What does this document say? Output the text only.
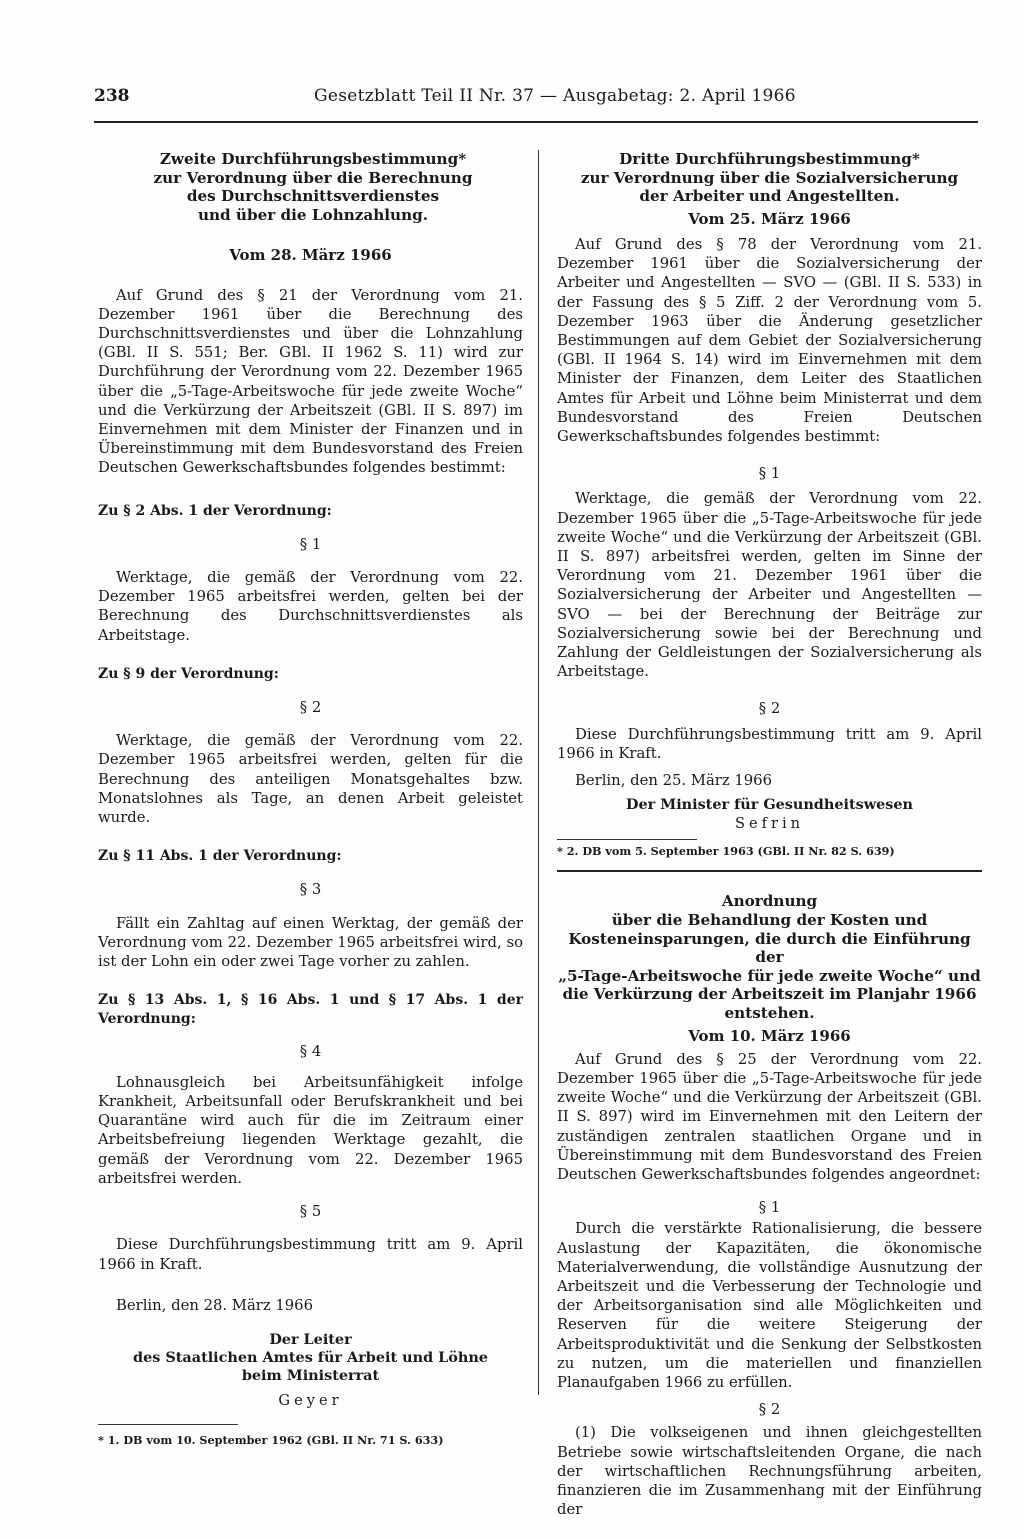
238	Gesetzblatt Teil II Nr. 37 — Ausgabetag: 2. April 1966

Zweite Durchführungsbestimmung*

zur Verordnung über die Berechnung

des Durchschnittsverdienstes

und über die Lohnzahlung.

Vom 28. März 1966

Auf Grund des § 21 der Verordnung vom 21. Dezember 1961 über die Berechnung des Durchschnittsverdienstes und über die Lohnzahlung (GBl. II S. 551; Ber. GBl. II 1962 S. 11) wird zur Durchführung der Verordnung vom 22. Dezember 1965 über die „5-Tage-Arbeitswoche für jede zweite Woche“ und die Verkürzung der Arbeitszeit (GBl. II S. 897) im Einvernehmen mit dem Minister der Finanzen und in Übereinstimmung mit dem Bundesvorstand des Freien Deutschen Gewerkschaftsbundes folgendes bestimmt:

Zu § 2 Abs. 1 der Verordnung:

§ 1

Werktage, die gemäß der Verordnung vom 22. Dezember 1965 arbeitsfrei werden, gelten bei der Berechnung des Durchschnittsverdienstes als Arbeitstage.

Zu § 9 der Verordnung:

§ 2

Werktage, die gemäß der Verordnung vom 22. Dezember 1965 arbeitsfrei werden, gelten für die Berechnung des anteiligen Monatsgehaltes bzw. Monatslohnes als Tage, an denen Arbeit geleistet wurde.

Zu § 11 Abs. 1 der Verordnung:

§ 3

Fällt ein Zahltag auf einen Werktag, der gemäß der Verordnung vom 22. Dezember 1965 arbeitsfrei wird, so ist der Lohn ein oder zwei Tage vorher zu zahlen.

Zu § 13 Abs. 1, § 16 Abs. 1 und § 17 Abs. 1 der Verordnung:

§ 4

Lohnausgleich bei Arbeitsunfähigkeit infolge Krankheit, Arbeitsunfall oder Berufskrankheit und bei Quarantäne wird auch für die im Zeitraum einer Arbeitsbefreiung liegenden Werktage gezahlt, die gemäß der Verordnung vom 22. Dezember 1965 arbeitsfrei werden.

§ 5

Diese Durchführungsbestimmung tritt am 9. April 1966 in Kraft.

Berlin, den 28. März 1966

Der Leiter

des Staatlichen Amtes für Arbeit und Löhne

beim Ministerrat

Geyer

* 1. DB vom 10. September 1962 (GBl. II Nr. 71 S. 633)

Dritte Durchführungsbestimmung*

zur Verordnung über die Sozialversicherung

der Arbeiter und Angestellten.

Vom 25. März 1966

Auf Grund des § 78 der Verordnung vom 21. Dezember 1961 über die Sozialversicherung der Arbeiter und Angestellten — SVO — (GBl. II S. 533) in der Fassung des § 5 Ziff. 2 der Verordnung vom 5. Dezember 1963 über die Änderung gesetzlicher Bestimmungen auf dem Gebiet der Sozialversicherung (GBl. II 1964 S. 14) wird im Einvernehmen mit dem Minister der Finanzen, dem Leiter des Staatlichen Amtes für Arbeit und Löhne beim Ministerrat und dem Bundesvorstand des Freien Deutschen Gewerkschaftsbundes folgendes bestimmt:

§ 1

Werktage, die gemäß der Verordnung vom 22. Dezember 1965 über die „5-Tage-Arbeitswoche für jede zweite Woche“ und die Verkürzung der Arbeitszeit (GBl. II S. 897) arbeitsfrei werden, gelten im Sinne der Verordnung vom 21. Dezember 1961 über die Sozialversicherung der Arbeiter und Angestellten — SVO — bei der Berechnung der Beiträge zur Sozialversicherung sowie bei der Berechnung und Zahlung der Geldleistungen der Sozialversicherung als Arbeitstage.

§ 2

Diese Durchführungsbestimmung tritt am 9. April 1966 in Kraft.

Berlin, den 25. März 1966

Der Minister für Gesundheitswesen

Sefrin

* 2. DB vom 5. September 1963 (GBl. II Nr. 82 S. 639)

Anordnung

über die Behandlung der Kosten und

Kosteneinsparungen, die durch die Einführung der

„5-Tage-Arbeitswoche für jede zweite Woche“ und

die Verkürzung der Arbeitszeit im Planjahr 1966

entstehen.

Vom 10. März 1966

Auf Grund des § 25 der Verordnung vom 22. Dezember 1965 über die „5-Tage-Arbeitswoche für jede zweite Woche“ und die Verkürzung der Arbeitszeit (GBl. II S. 897) wird im Einvernehmen mit den Leitern der zuständigen zentralen staatlichen Organe und in Übereinstimmung mit dem Bundesvorstand des Freien Deutschen Gewerkschaftsbundes folgendes angeordnet:

§ 1

Durch die verstärkte Rationalisierung, die bessere Auslastung der Kapazitäten, die ökonomische Materialverwendung, die vollständige Ausnutzung der Arbeitszeit und die Verbesserung der Technologie und der Arbeitsorganisation sind alle Möglichkeiten und Reserven für die weitere Steigerung der Arbeitsproduktivität und die Senkung der Selbstkosten zu nutzen, um die materiellen und finanziellen Planaufgaben 1966 zu erfüllen.

§ 2

(1) Die volkseigenen und ihnen gleichgestellten Betriebe sowie wirtschaftsleitenden Organe, die nach der wirtschaftlichen Rechnungsführung arbeiten, finanzieren die im Zusammenhang mit der Einführung der
